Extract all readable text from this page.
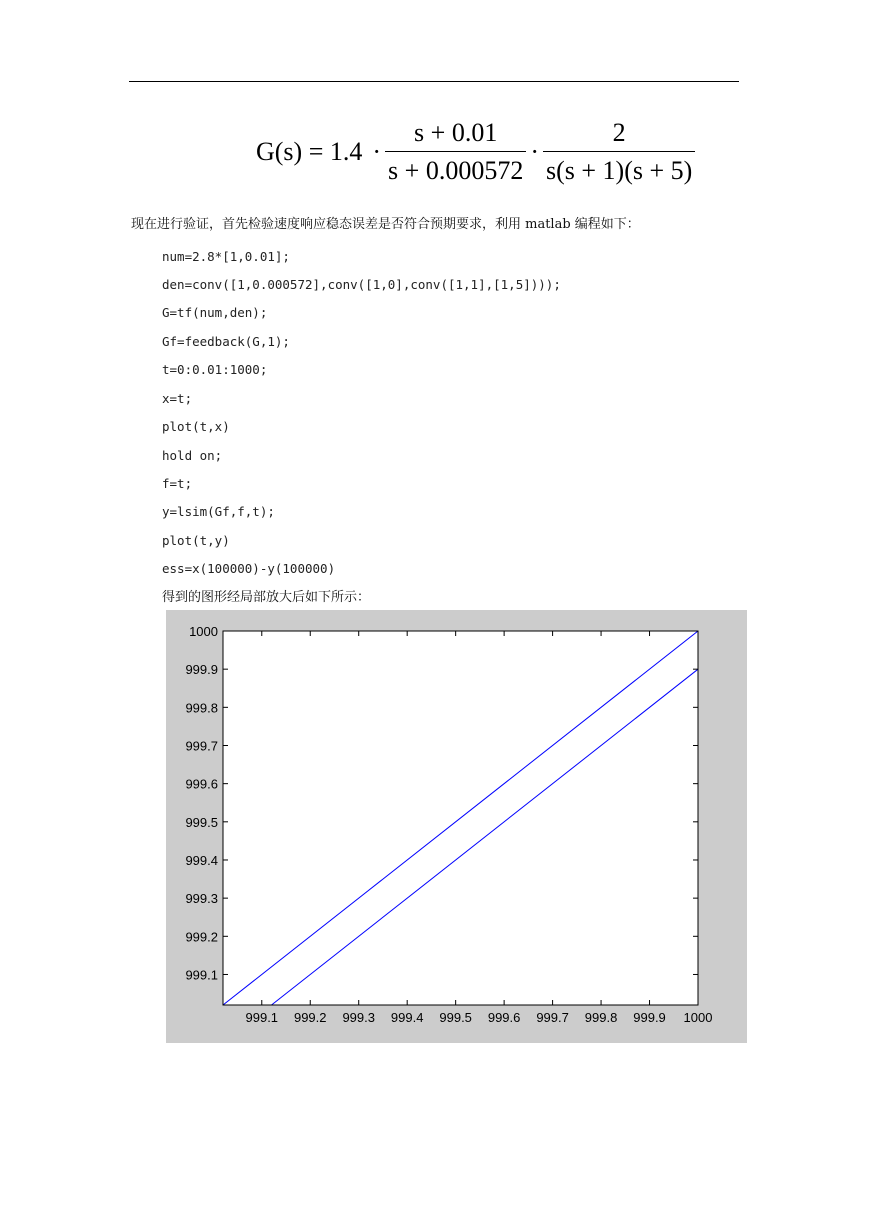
$G(s) = 1.4 \cdot \frac{s + 0.01}{s + 0.000572} \cdot \frac{2}{s(s + 1)(s + 5)}$
现在进行验证，首先检验速度响应稳态误差是否符合预期要求，利用 matlab 编程如下：
num=2.8*[1,0.01];
den=conv([1,0.000572],conv([1,0],conv([1,1],[1,5])));
G=tf(num,den);
Gf=feedback(G,1);
t=0:0.01:1000;
x=t;
plot(t,x)
hold on;
f=t;
y=lsim(Gf,f,t);
plot(t,y)
ess=x(100000)-y(100000)
得到的图形经局部放大后如下所示：
999.1 999.2 999.3 999.4 999.5 999.6 999.7 999.8 999.9 1000
999.1
999.2
999.3
999.4
999.5
999.6
999.7
999.8
999.9
1000
